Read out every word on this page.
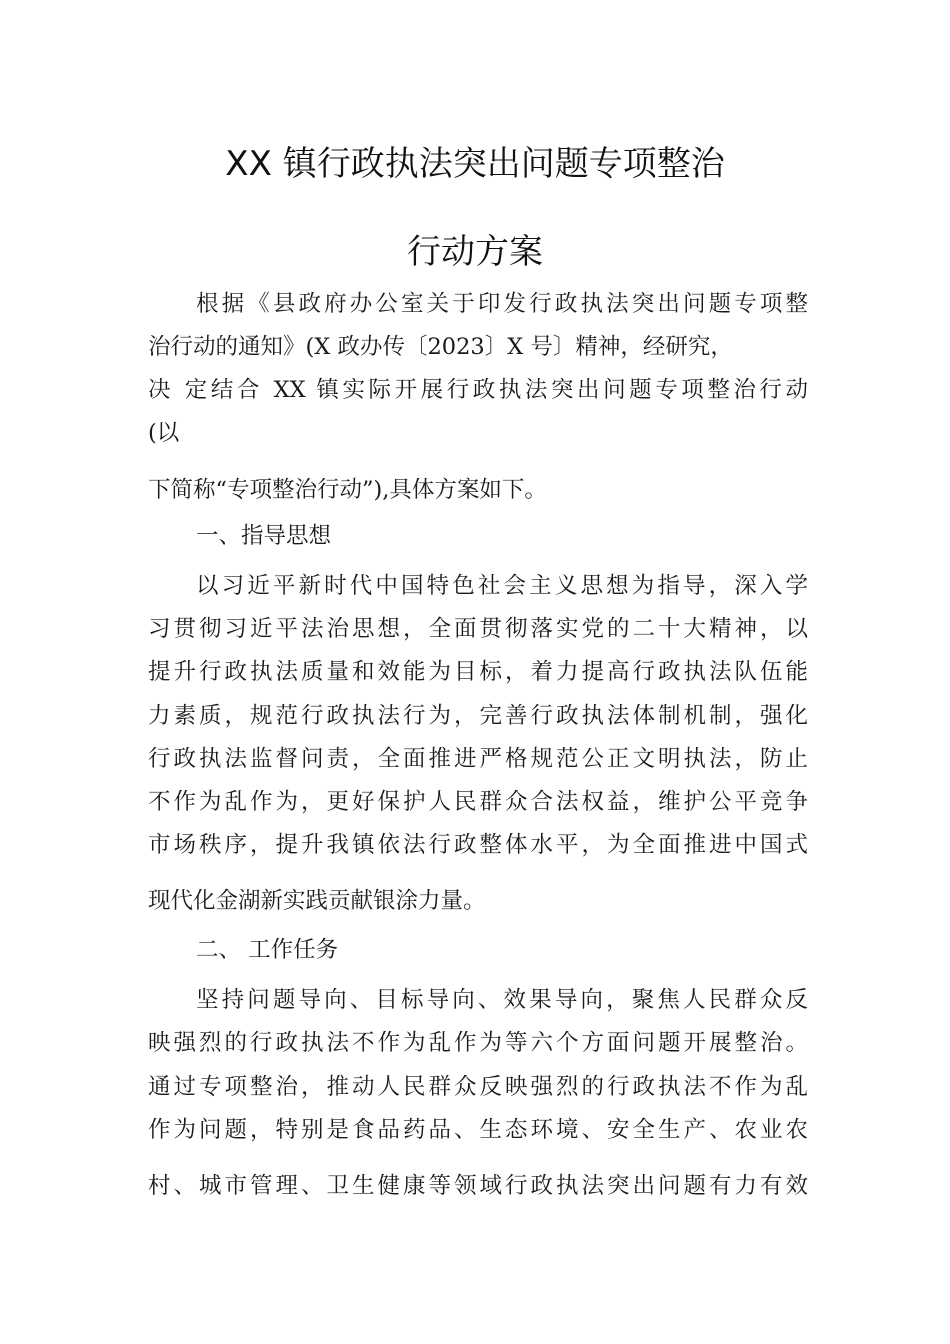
XX 镇行政执法突出问题专项整治
行动方案
根据《县政府办公室关于印发行政执法突出问题专项整
治行动的通知》(X 政办传〔2023〕X 号〕精神，经研究，
决 定结合 XX 镇实际开展行政执法突出问题专项整治行动
(以
下简称“专项整治行动”),具体方案如下。
一、指导思想
以习近平新时代中国特色社会主义思想为指导，深入学
习贯彻习近平法治思想，全面贯彻落实党的二十大精神，以
提升行政执法质量和效能为目标，着力提高行政执法队伍能
力素质，规范行政执法行为，完善行政执法体制机制，强化
行政执法监督问责，全面推进严格规范公正文明执法，防止
不作为乱作为，更好保护人民群众合法权益，维护公平竞争
市场秩序，提升我镇依法行政整体水平，为全面推进中国式
现代化金湖新实践贡献银涂力量。
二、 工作任务
坚持问题导向、目标导向、效果导向，聚焦人民群众反
映强烈的行政执法不作为乱作为等六个方面问题开展整治。
通过专项整治，推动人民群众反映强烈的行政执法不作为乱
作为问题，特别是食品药品、生态环境、安全生产、农业农
村、城市管理、卫生健康等领域行政执法突出问题有力有效
